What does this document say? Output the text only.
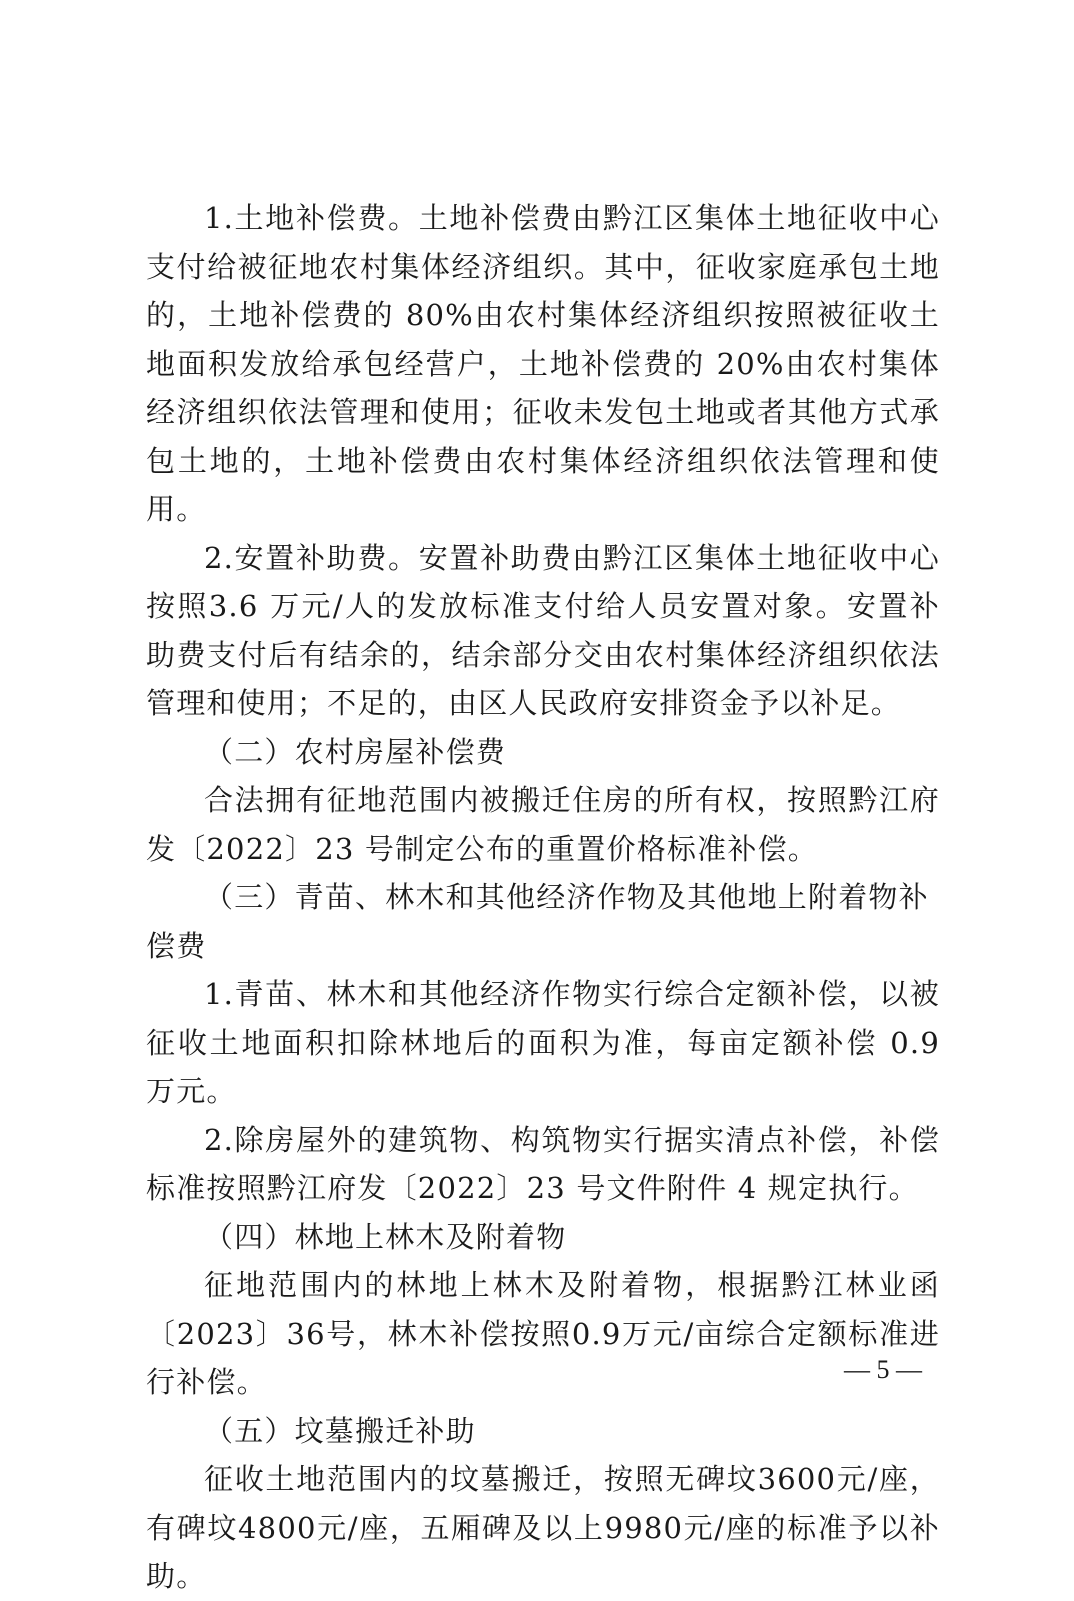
1.土地补偿费。土地补偿费由黔江区集体土地征收中心支付给被征地农村集体经济组织。其中，征收家庭承包土地的，土地补偿费的 80%由农村集体经济组织按照被征收土地面积发放给承包经营户，土地补偿费的 20%由农村集体经济组织依法管理和使用；征收未发包土地或者其他方式承包土地的，土地补偿费由农村集体经济组织依法管理和使用。

2.安置补助费。安置补助费由黔江区集体土地征收中心按照3.6 万元/人的发放标准支付给人员安置对象。安置补助费支付后有结余的，结余部分交由农村集体经济组织依法管理和使用；不足的，由区人民政府安排资金予以补足。

（二）农村房屋补偿费

合法拥有征地范围内被搬迁住房的所有权，按照黔江府发〔2022〕23 号制定公布的重置价格标准补偿。

（三）青苗、林木和其他经济作物及其他地上附着物补偿费

1.青苗、林木和其他经济作物实行综合定额补偿，以被征收土地面积扣除林地后的面积为准，每亩定额补偿 0.9 万元。

2.除房屋外的建筑物、构筑物实行据实清点补偿，补偿标准按照黔江府发〔2022〕23 号文件附件 4 规定执行。

（四）林地上林木及附着物

征地范围内的林地上林木及附着物，根据黔江林业函〔2023〕36号，林木补偿按照0.9万元/亩综合定额标准进行补偿。

（五）坟墓搬迁补助

征收土地范围内的坟墓搬迁，按照无碑坟3600元/座，有碑坟4800元/座，五厢碑及以上9980元/座的标准予以补助。

— 5 —
